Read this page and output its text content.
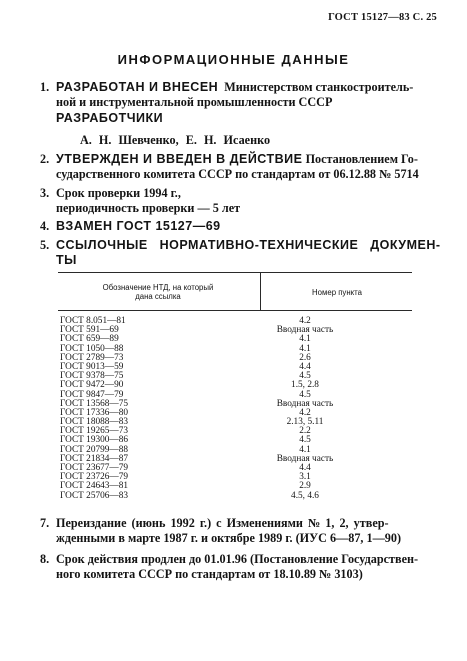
ГОСТ 15127—83 С. 25
ИНФОРМАЦИОННЫЕ ДАННЫЕ
1. РАЗРАБОТАН И ВНЕСЕН Министерством станкостроитель-
ной и инструментальной промышленности СССР
РАЗРАБОТЧИКИ
А. Н. Шевченко, Е. Н. Исаенко
2. УТВЕРЖДЕН И ВВЕДЕН В ДЕЙСТВИЕ Постановлением Го-
сударственного комитета СССР по стандартам от 06.12.88 № 5714
3. Срок проверки 1994 г.,
периодичность проверки — 5 лет
4. ВЗАМЕН ГОСТ 15127—69
5. ССЫЛОЧНЫЕ   НОРМАТИВНО-ТЕХНИЧЕСКИЕ   ДОКУМЕН-
ТЫ
Обозначение НТД, на который
дана ссылка	Номер пункта
ГОСТ 8.051—81	4.2
ГОСТ 591—69	Вводная часть
ГОСТ 659—89	4.1
ГОСТ 1050—88	4.1
ГОСТ 2789—73	2.6
ГОСТ 9013—59	4.4
ГОСТ 9378—75	4.5
ГОСТ 9472—90	1.5, 2.8
ГОСТ 9847—79	4.5
ГОСТ 13568—75	Вводная часть
ГОСТ 17336—80	4.2
ГОСТ 18088—83	2.13, 5.11
ГОСТ 19265—73	2.2
ГОСТ 19300—86	4.5
ГОСТ 20799—88	4.1
ГОСТ 21834—87	Вводная часть
ГОСТ 23677—79	4.4
ГОСТ 23726—79	3.1
ГОСТ 24643—81	2.9
ГОСТ 25706—83	4.5, 4.6
7. Переиздание (июнь 1992 г.) с Изменениями № 1, 2, утвер-
жденными в марте 1987 г. и октябре 1989 г. (ИУС 6—87, 1—90)
8. Срок действия продлен до 01.01.96 (Постановление Государствен-
ного комитета СССР по стандартам от 18.10.89 № 3103)
